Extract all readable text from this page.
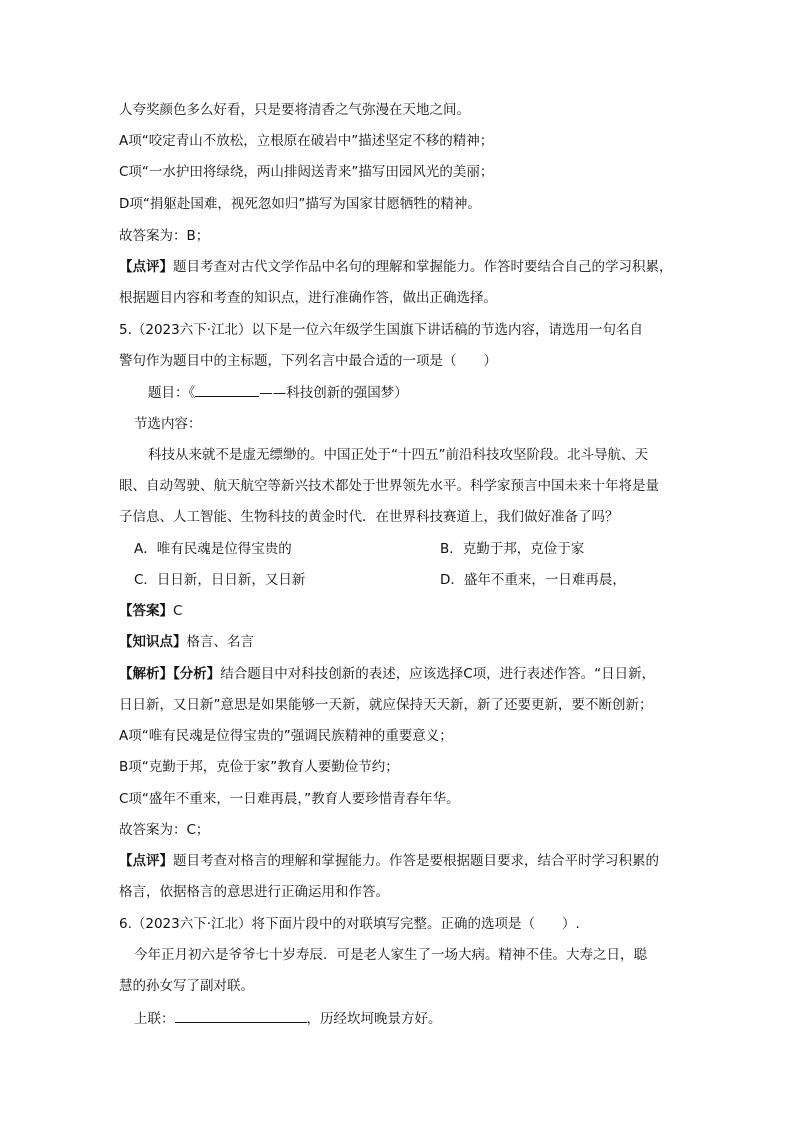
人夸奖颜色多么好看，只是要将清香之气弥漫在天地之间。
A项“咬定青山不放松，立根原在破岩中”描述坚定不移的精神；
C项“一水护田将绿绕，两山排闼送青来”描写田园风光的美丽；
D项“捐躯赴国难，视死忽如归”描写为国家甘愿牺牲的精神。
故答案为：B；
【点评】题目考查对古代文学作品中名句的理解和掌握能力。作答时要结合自己的学习积累，
根据题目内容和考查的知识点，进行准确作答，做出正确选择。
5.（2023六下·江北）以下是一位六年级学生国旗下讲话稿的节选内容，请选用一句名自
警句作为题目中的主标题，下列名言中最合适的一项是（　　）
题目：《	——科技创新的强国梦）
节选内容：
科技从来就不是虚无缥缈的。中国正处于“十四五”前沿科技攻坚阶段。北斗导航、天
眼、自动驾驶、航天航空等新兴技术都处于世界领先水平。科学家预言中国未来十年将是量
子信息、人工智能、生物科技的黄金时代．在世界科技赛道上，我们做好准备了吗？
A．唯有民魂是位得宝贵的	B．克勤于邦，克俭于家
C．日日新，日日新，又日新	D．盛年不重来，一日难再晨，
【答案】C
【知识点】格言、名言
【解析】【分析】结合题目中对科技创新的表述，应该选择C项，进行表述作答。“日日新，
日日新，又日新”意思是如果能够一天新，就应保持天天新，新了还要更新，要不断创新；
A项“唯有民魂是位得宝贵的”强调民族精神的重要意义；
B项“克勤于邦，克俭于家”教育人要勤俭节约；
C项“盛年不重来，一日难再晨，”教育人要珍惜青春年华。
故答案为：C；
【点评】题目考查对格言的理解和掌握能力。作答是要根据题目要求，结合平时学习积累的
格言，依据格言的意思进行正确运用和作答。
6.（2023六下·江北）将下面片段中的对联填写完整。正确的选项是（　　）.
今年正月初六是爷爷七十岁寿辰．可是老人家生了一场大病。精神不佳。大寿之日，聪
慧的孙女写了副对联。
上联：	，历经坎坷晚景方好。
